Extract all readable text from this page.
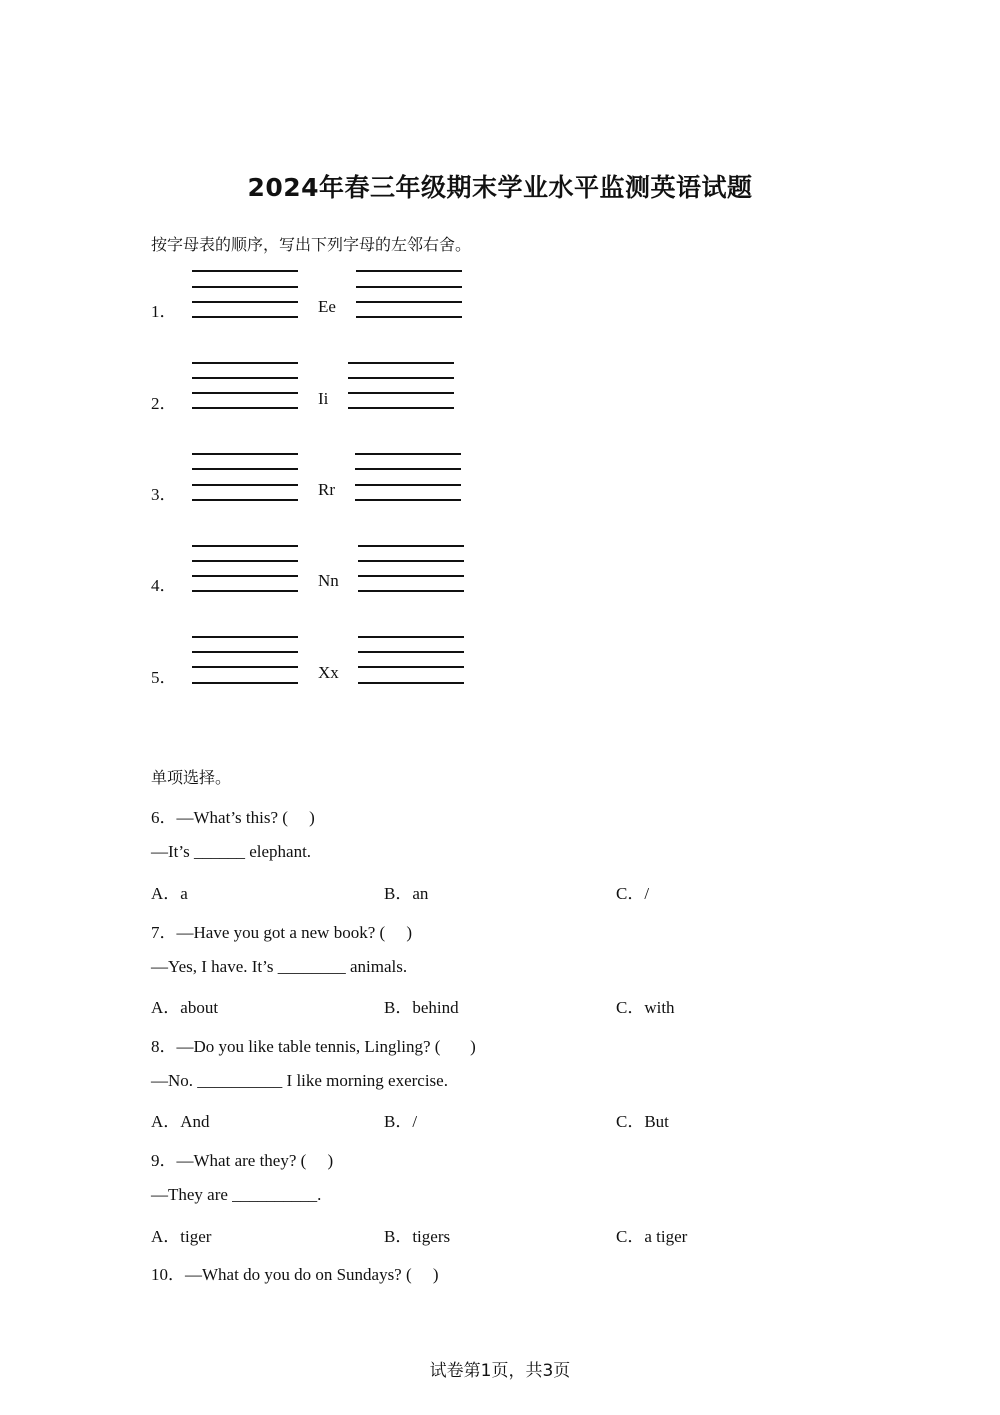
2024年春三年级期末学业水平监测英语试题
按字母表的顺序，写出下列字母的左邻右舍。
1．	Ee
2．	Ii
3．	Rr
4．	Nn
5．	Xx
单项选择。
6．—What’s this? (     )
—It’s ______ elephant.
A．a	B．an	C．/
7．—Have you got a new book? (     )
—Yes, I have. It’s ________ animals.
A．about	B．behind	C．with
8．—Do you like table tennis, Lingling? (       )
—No. __________ I like morning exercise.
A．And	B．/	C．But
9．—What are they? (     )
—They are __________.
A．tiger	B．tigers	C．a tiger
10．—What do you do on Sundays? (     )
试卷第1页，共3页
